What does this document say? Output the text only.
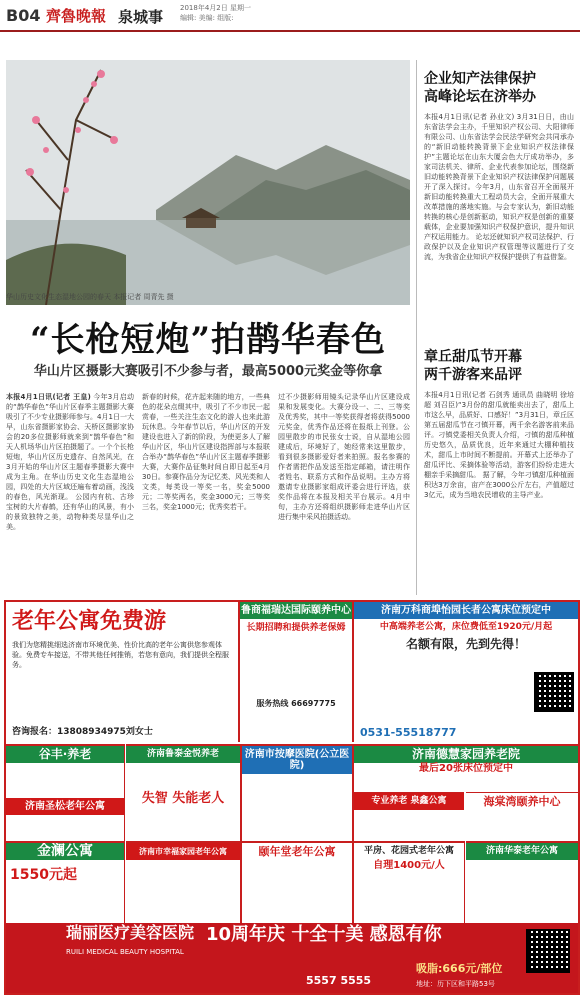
B04 齊魯晚報 泉城事 2018年4月2日 星期一
编辑: 美编: 组版:
华山历史文化生态湿地公园的春天 本报记者 周青先 摄
“长枪短炮”拍鹊华春色
华山片区摄影大赛吸引不少参与者，最高5000元奖金等你拿
本报4月1日讯(记者 王皇) 今年3月启动的“鹊华春色”华山片区春季主题摄影大赛吸引了不少专业摄影师参与。4月1日一大早，山东省摄影家协会、天桥区摄影家协会的20多位摄影师就来到“鹊华春色”和天人机场华山片区拍摄题了。一个个长枪短炮，华山片区历史遗存、自然风光，在3月开始的华山片区主题春季摄影大赛中成为主角。在华山历史文化生态湿地公园，四处的大片区域还遍布着动画，浅浅的春色，风光渐现。 公园内有杭、古珍宝树的大片春鹤，还有华山的风景，有小的景致独特之美，动物种类尽显华山之美。
新春的时候，花卉起来随的地方，一些典色的花朵点缀其中，吸引了不少市民一起赏春，一些关注生态文化的游人也来此游玩休息。今年春节以后，华山片区的开发建设也进入了新的阶段，为使更多人了解华山片区，华山片区建设指挥部与本报联合举办“鹊华春色”华山片区主题春季摄影大赛，大赛作品征集时间自即日起至4月30日。参赛作品分为记忆类、风光类和人文类，每类设一等奖一名，奖金5000元；二等奖两名，奖金3000元；三等奖三名，奖金1000元；优秀奖若干。
过不少摄影师用镜头记录华山片区建设成果和发展变化。大赛分设一、二、三等奖及优秀奖，其中一等奖获得者将获得5000元奖金，优秀作品还将在报纸上刊登。公园里散步的市民张女士说，自从湿地公园建成后，环境好了，她经常来这里散步，看到很多摄影爱好者来拍照。报名参赛的作者需把作品发送至指定邮箱，请注明作者姓名、联系方式和作品说明。主办方将邀请专业摄影家组成评委会进行评选，获奖作品将在本报及相关平台展示。4月中旬，主办方还将组织摄影师走进华山片区进行集中采风拍摄活动。
企业知产法律保护
高峰论坛在济举办
本报4月1日讯(记者 孙业文) 3月31日日，由山东省法学会主办，千里知识产权公司、大阳律师有限公司、山东省法学会民法学研究会共同承办的“新旧动能转换背景下企业知识产权法律保护”主题论坛在山东大厦会色大厅成功举办，多家司法机关、律所、企业代表参加论坛，围绕新旧动能转换背景下企业知识产权法律保护问题展开了深入探讨。今年3月，山东省召开全面展开新旧动能转换重大工程动员大会，全面开展重大改革措施的落地实施。与会专家认为，新旧动能转换的核心是创新驱动，知识产权是创新的重要载体，企业要加强知识产权保护意识，提升知识产权运用能力。 论坛还就知识产权司法保护、行政保护以及企业知识产权管理等议题进行了交流，为我省企业知识产权保护提供了有益借鉴。
章丘甜瓜节开幕
两千游客来品评
本报4月1日讯(记者 石剑秀 通讯员 曲晓明 徐培超 刘召臣)“3月份的甜瓜就能卖出去了，甜瓜上市这么早，品质好、口感好！”3月31日，章丘区第五届甜瓜节在刁镇开幕，两千余名游客前来品评。刁镇党委相关负责人介绍，刁镇的甜瓜种植历史悠久，品质优良，近年来通过大棚种植技术，甜瓜上市时间不断提前。开幕式上还举办了甜瓜评比、采摘体验等活动，游客们纷纷走进大棚亲手采摘甜瓜。 据了解，今年刁镇甜瓜种植面积达3万余亩，亩产在3000公斤左右，产值超过3亿元，成为当地农民增收的主导产业。
老年公寓免费游
我们为您精挑细选济南市环境优美、性价比高的老年公寓供您参观体验。免费专车接送，不带其他任何推销，若您有意向，我们提供全程服务。
咨询报名：13808934975刘女士
鲁商福瑞达国际颐养中心
长期招聘和提供养老保姆
服务热线 66697775
济南万科商埠怡园长者公寓床位预定中
中高端养老公寓，床位费低至1920元/月起
名额有限，先到先得！
0531-55518777
谷丰·养老
济南圣松老年公寓
济南鲁泰金悦养老
失智 失能老人
济南市按摩医院(公立医院)
济南德慧家园养老院
最后20张床位预定中
专业养老 泉鑫公寓	海棠湾颐养中心
金澜公寓
1550元起
济南市幸福家园老年公寓	颐年堂老年公寓	平房、花园式老年公寓
自理1400元/人
济南华泰老年公寓
瑞丽医疗美容医院
RUILI MEDICAL BEAUTY HOSPITAL
10周年庆 十全十美 感恩有你
吸脂:666元/部位
5557 5555	地址：历下区和平路53号
